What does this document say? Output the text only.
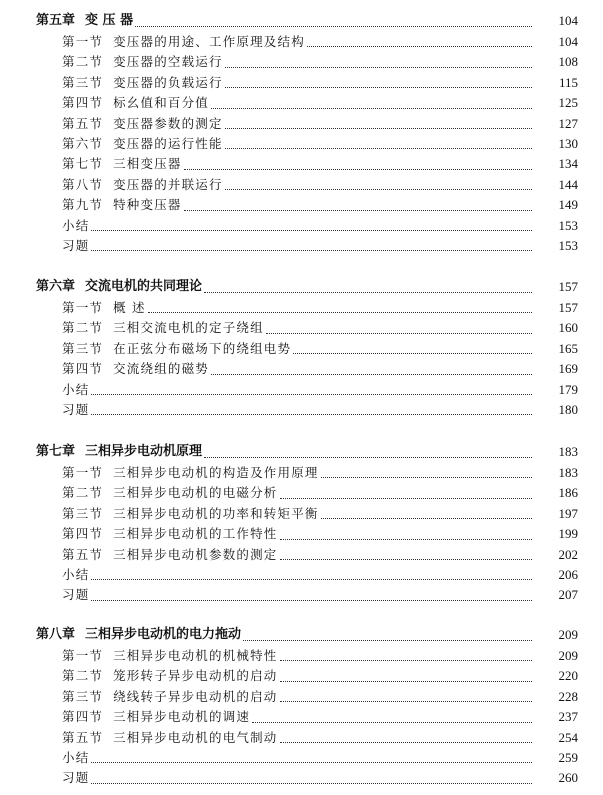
第五章 变 压 器	104
第一节 变压器的用途、工作原理及结构	104
第二节 变压器的空载运行	108
第三节 变压器的负载运行	115
第四节 标幺值和百分值	125
第五节 变压器参数的测定	127
第六节 变压器的运行性能	130
第七节 三相变压器	134
第八节 变压器的并联运行	144
第九节 特种变压器	149
小结	153
习题	153
第六章 交流电机的共同理论	157
第一节 概 述	157
第二节 三相交流电机的定子绕组	160
第三节 在正弦分布磁场下的绕组电势	165
第四节 交流绕组的磁势	169
小结	179
习题	180
第七章 三相异步电动机原理	183
第一节 三相异步电动机的构造及作用原理	183
第二节 三相异步电动机的电磁分析	186
第三节 三相异步电动机的功率和转矩平衡	197
第四节 三相异步电动机的工作特性	199
第五节 三相异步电动机参数的测定	202
小结	206
习题	207
第八章 三相异步电动机的电力拖动	209
第一节 三相异步电动机的机械特性	209
第二节 笼形转子异步电动机的启动	220
第三节 绕线转子异步电动机的启动	228
第四节 三相异步电动机的调速	237
第五节 三相异步电动机的电气制动	254
小结	259
习题	260
